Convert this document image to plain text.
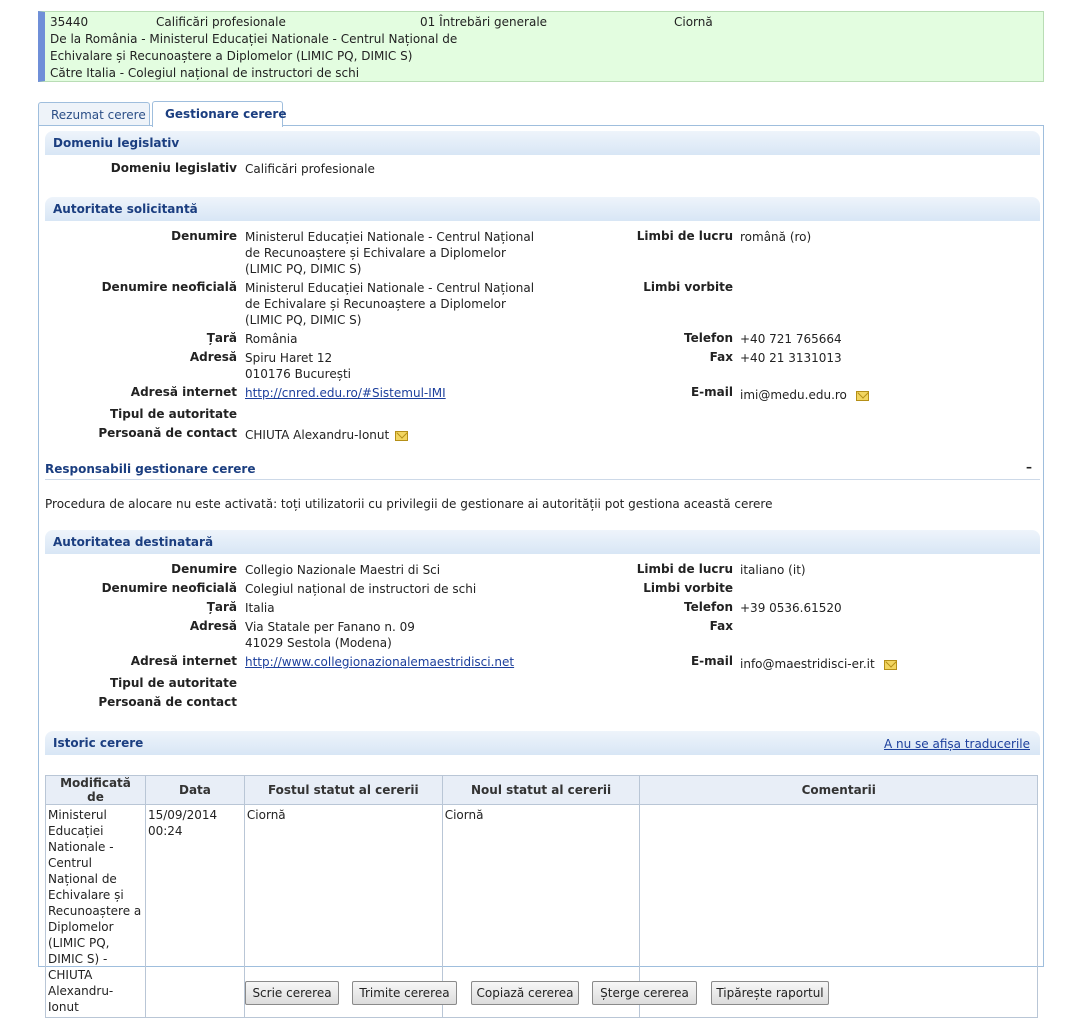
35440	Calificări profesionale	01 Întrebări generale	Ciornă
De la România - Ministerul Educației Nationale - Centrul Național de
Echivalare și Recunoaștere a Diplomelor (LIMIC PQ, DIMIC S)
Către Italia - Colegiul național de instructori de schi
Rezumat cerere	Gestionare cerere
Domeniu legislativ
Domeniu legislativ Calificări profesionale
Autoritate solicitantă
Denumire Ministerul Educației Nationale - Centrul Național de Recunoaștere și Echivalare a Diplomelor (LIMIC PQ, DIMIC S)
Denumire neoficială Ministerul Educației Nationale - Centrul Național de Echivalare și Recunoaștere a Diplomelor (LIMIC PQ, DIMIC S)
Țară România
Adresă Spiru Haret 12
010176 București
Adresă internet http://cnred.edu.ro/#Sistemul-IMI
Tipul de autoritate
Persoană de contact CHIUTA Alexandru-Ionut
Limbi de lucru română (ro)
Limbi vorbite
Telefon +40 721 765664
Fax +40 21 3131013
E-mail imi@medu.edu.ro
Responsabili gestionare cerere	–
Procedura de alocare nu este activată: toți utilizatorii cu privilegii de gestionare ai autorității pot gestiona această cerere
Autoritatea destinatară
Denumire Collegio Nazionale Maestri di Sci
Denumire neoficială Colegiul național de instructori de schi
Țară Italia
Adresă Via Statale per Fanano n. 09
41029 Sestola (Modena)
Adresă internet http://www.collegionazionalemaestridisci.net
Tipul de autoritate
Persoană de contact
Limbi de lucru italiano (it)
Limbi vorbite
Telefon +39 0536.61520
Fax
E-mail info@maestridisci-er.it
Istoric cerere	A nu se afișa traducerile
Modificată de	Data	Fostul statut al cererii	Noul statut al cererii	Comentarii
Ministerul Educației Nationale - Centrul Național de Echivalare și Recunoaștere a Diplomelor (LIMIC PQ, DIMIC S) - CHIUTA Alexandru-Ionut	15/09/2014 00:24	Ciornă	Ciornă	
Scrie cererea	Trimite cererea	Copiază cererea	Șterge cererea	Tipărește raportul
